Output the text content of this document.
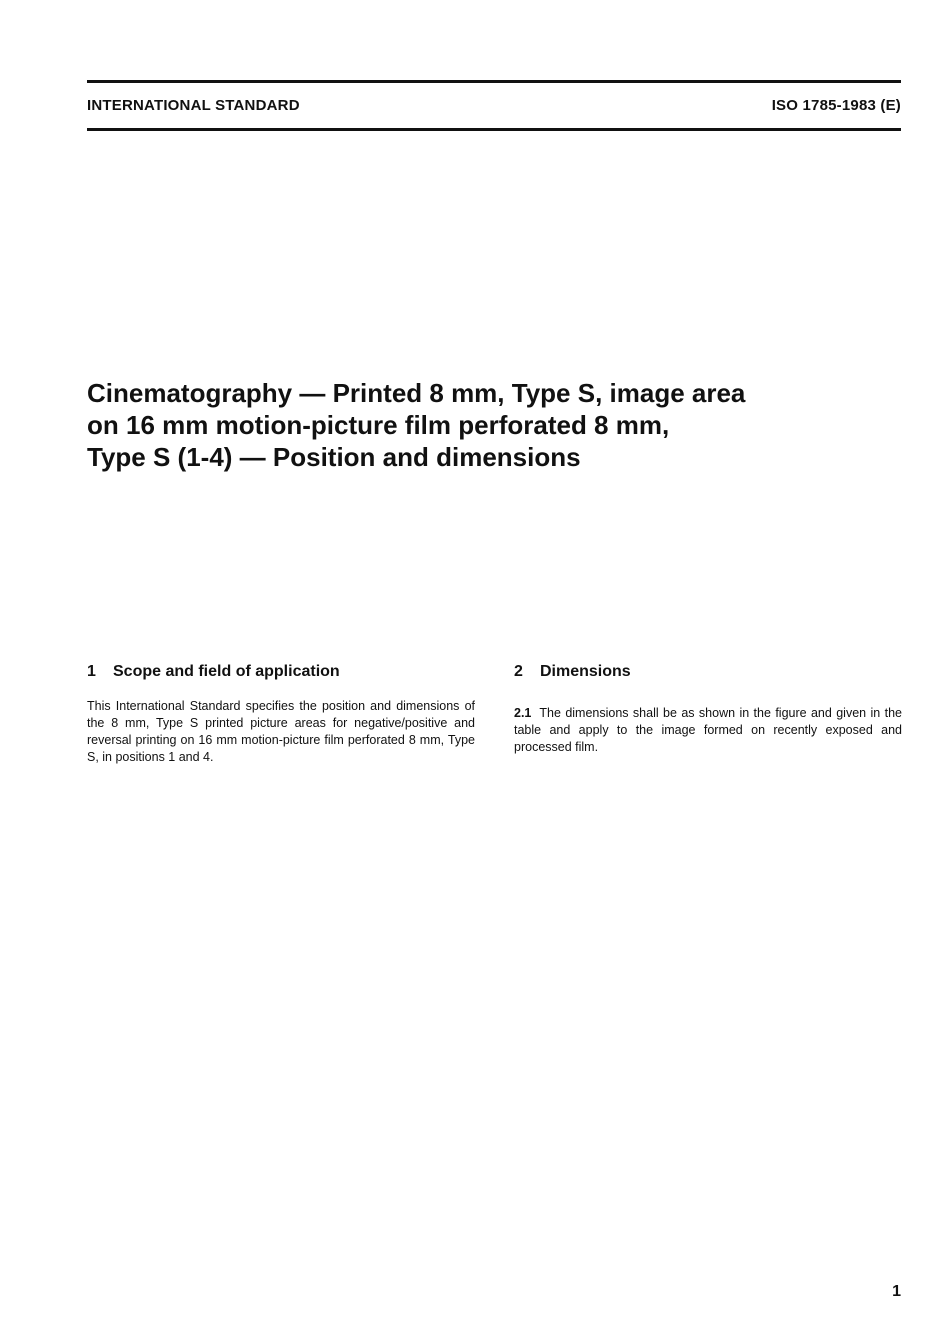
INTERNATIONAL STANDARD	ISO 1785-1983 (E)
Cinematography — Printed 8 mm, Type S, image area
on 16 mm motion-picture film perforated 8 mm,
Type S (1-4) — Position and dimensions
1 Scope and field of application

This International Standard specifies the position and dimensions of the 8 mm, Type S printed picture areas for negative/positive and reversal printing on 16 mm motion-picture film perforated 8 mm, Type S, in positions 1 and 4.

2 Dimensions

2.1 The dimensions shall be as shown in the figure and given in the table and apply to the image formed on recently exposed and processed film.

1
